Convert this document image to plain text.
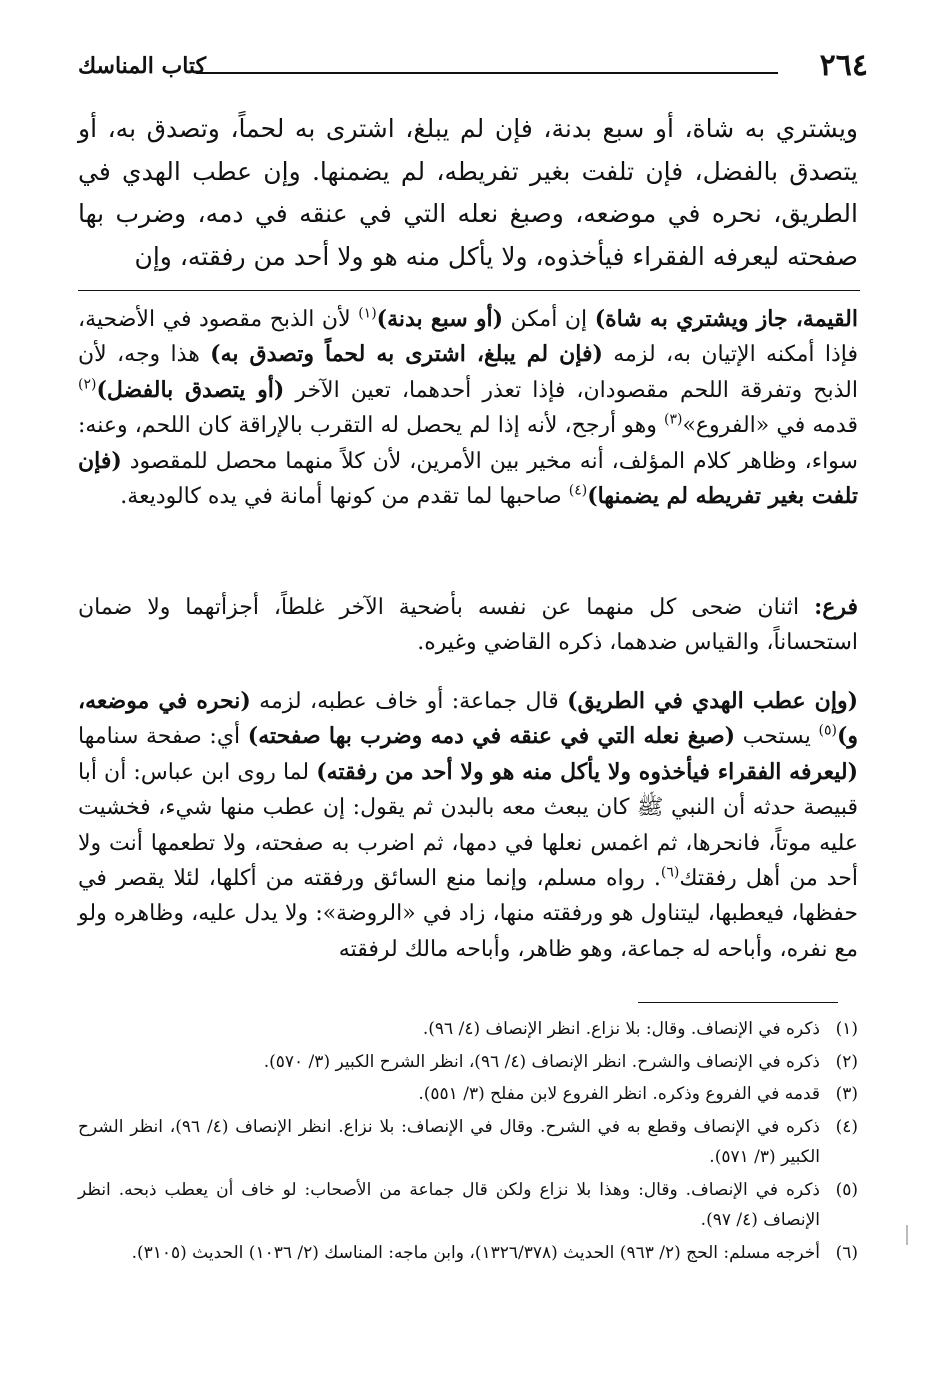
٢٦٤
كتاب المناسك

ويشتري به شاة، أو سبع بدنة، فإن لم يبلغ، اشترى به لحماً، وتصدق به، أو يتصدق بالفضل، فإن تلفت بغير تفريطه، لم يضمنها. وإن عطب الهدي في الطريق، نحره في موضعه، وصبغ نعله التي في عنقه في دمه، وضرب بها صفحته ليعرفه الفقراء فيأخذوه، ولا يأكل منه هو ولا أحد من رفقته، وإن

القيمة، جاز ويشتري به شاة) إن أمكن (أو سبع بدنة)$^{(١)}$ لأن الذبح مقصود في الأضحية، فإذا أمكنه الإتيان به، لزمه (فإن لم يبلغ، اشترى به لحماً وتصدق به) هذا وجه، لأن الذبح وتفرقة اللحم مقصودان، فإذا تعذر أحدهما، تعين الآخر (أو يتصدق بالفضل)$^{(٢)}$ قدمه في «الفروع»$^{(٣)}$ وهو أرجح، لأنه إذا لم يحصل له التقرب بالإراقة كان اللحم، وعنه: سواء، وظاهر كلام المؤلف، أنه مخير بين الأمرين، لأن كلاً منهما محصل للمقصود (فإن تلفت بغير تفريطه لم يضمنها)$^{(٤)}$ صاحبها لما تقدم من كونها أمانة في يده كالوديعة.

فرع: اثنان ضحى كل منهما عن نفسه بأضحية الآخر غلطاً، أجزأتهما ولا ضمان استحساناً، والقياس ضدهما، ذكره القاضي وغيره.

(وإن عطب الهدي في الطريق) قال جماعة: أو خاف عطبه، لزمه (نحره في موضعه، و)$^{(٥)}$ يستحب (صبغ نعله التي في عنقه في دمه وضرب بها صفحته) أي: صفحة سنامها (ليعرفه الفقراء فيأخذوه ولا يأكل منه هو ولا أحد من رفقته) لما روى ابن عباس: أن أبا قبيصة حدثه أن النبي ﷺ كان يبعث معه بالبدن ثم يقول: إن عطب منها شيء، فخشيت عليه موتاً، فانحرها، ثم اغمس نعلها في دمها، ثم اضرب به صفحته، ولا تطعمها أنت ولا أحد من أهل رفقتك$^{(٦)}$. رواه مسلم، وإنما منع السائق ورفقته من أكلها، لئلا يقصر في حفظها، فيعطبها، ليتناول هو ورفقته منها، زاد في «الروضة»: ولا يدل عليه، وظاهره ولو مع نفره، وأباحه له جماعة، وهو ظاهر، وأباحه مالك لرفقته

(١)
ذكره في الإنصاف. وقال: بلا نزاع. انظر الإنصاف (٤/ ٩٦).
(٢)
ذكره في الإنصاف والشرح. انظر الإنصاف (٤/ ٩٦)، انظر الشرح الكبير (٣/ ٥٧٠).
(٣)
قدمه في الفروع وذكره. انظر الفروع لابن مفلح (٣/ ٥٥١).
(٤)
ذكره في الإنصاف وقطع به في الشرح. وقال في الإنصاف: بلا نزاع. انظر الإنصاف (٤/ ٩٦)، انظر الشرح الكبير (٣/ ٥٧١).
(٥)
ذكره في الإنصاف. وقال: وهذا بلا نزاع ولكن قال جماعة من الأصحاب: لو خاف أن يعطب ذبحه. انظر الإنصاف (٤/ ٩٧).
(٦)
أخرجه مسلم: الحج (٢/ ٩٦٣) الحديث (١٣٢٦/٣٧٨)، وابن ماجه: المناسك (٢/ ١٠٣٦) الحديث (٣١٠٥).
